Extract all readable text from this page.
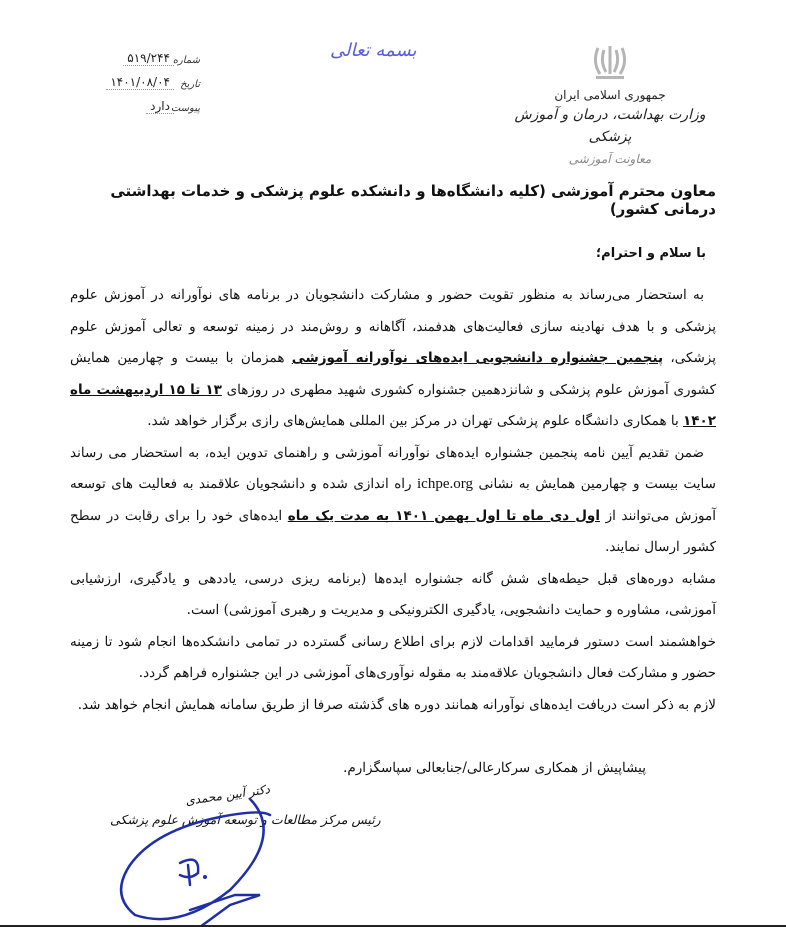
جمهوری اسلامی ایران
وزارت بهداشت، درمان و آموزش پزشکی
معاونت آموزشی
بسمه تعالی
شماره
۵۱۹/۲۴۴
تاریخ
۱۴۰۱/۰۸/۰۴
پیوست
دارد
معاون محترم آموزشی (کلیه دانشگاه‌ها و دانشکده علوم پزشکی و خدمات بهداشتی درمانی کشور)
با سلام و احترام؛

به استحضار می‌رساند به منظور تقویت حضور و مشارکت دانشجویان در برنامه های نوآورانه در آموزش علوم پزشکی و با هدف نهادینه سازی فعالیت‌های هدفمند، آگاهانه و روش‌مند در زمینه توسعه و تعالی آموزش علوم پزشکی، پنجمین جشنواره دانشجویی ایده‌های نوآورانه آموزشی همزمان با بیست و چهارمین همایش کشوری آموزش علوم پزشکی و شانزدهمین جشنواره کشوری شهید مطهری در روزهای ۱۳ تا ۱۵ اردیبهشت ماه ۱۴۰۲ با همکاری دانشگاه علوم پزشکی تهران در مرکز بین المللی همایش‌های رازی برگزار خواهد شد.

ضمن تقدیم آیین نامه پنجمین جشنواره ایده‌های نوآورانه آموزشی و راهنمای تدوین ایده، به استحضار می رساند سایت بیست و چهارمین همایش به نشانی ichpe.org راه اندازی شده و دانشجویان علاقمند به فعالیت های توسعه آموزش می‌توانند از اول دی ماه تا اول بهمن ۱۴۰۱ به مدت یک ماه ایده‌های خود را برای رقابت در سطح کشور ارسال نمایند.

مشابه دوره‌های قبل حیطه‌های شش گانه جشنواره ایده‌ها (برنامه ریزی درسی، یاددهی و یادگیری، ارزشیابی آموزشی، مشاوره و حمایت دانشجویی، یادگیری الکترونیکی و مدیریت و رهبری آموزشی) است.

خواهشمند است دستور فرمایید اقدامات لازم برای اطلاع رسانی گسترده در تمامی دانشکده‌ها انجام شود تا زمینه حضور و مشارکت فعال دانشجویان علاقه‌مند به مقوله نوآوری‌های آموزشی در این جشنواره فراهم گردد.

لازم به ذکر است دریافت ایده‌های نوآورانه همانند دوره های گذشته صرفا از طریق سامانه همایش انجام خواهد شد.

پیشاپیش از همکاری سرکارعالی/جنابعالی سپاسگزارم.
دکتر آیین محمدی
رئیس مرکز مطالعات و توسعه آموزش علوم پزشکی
